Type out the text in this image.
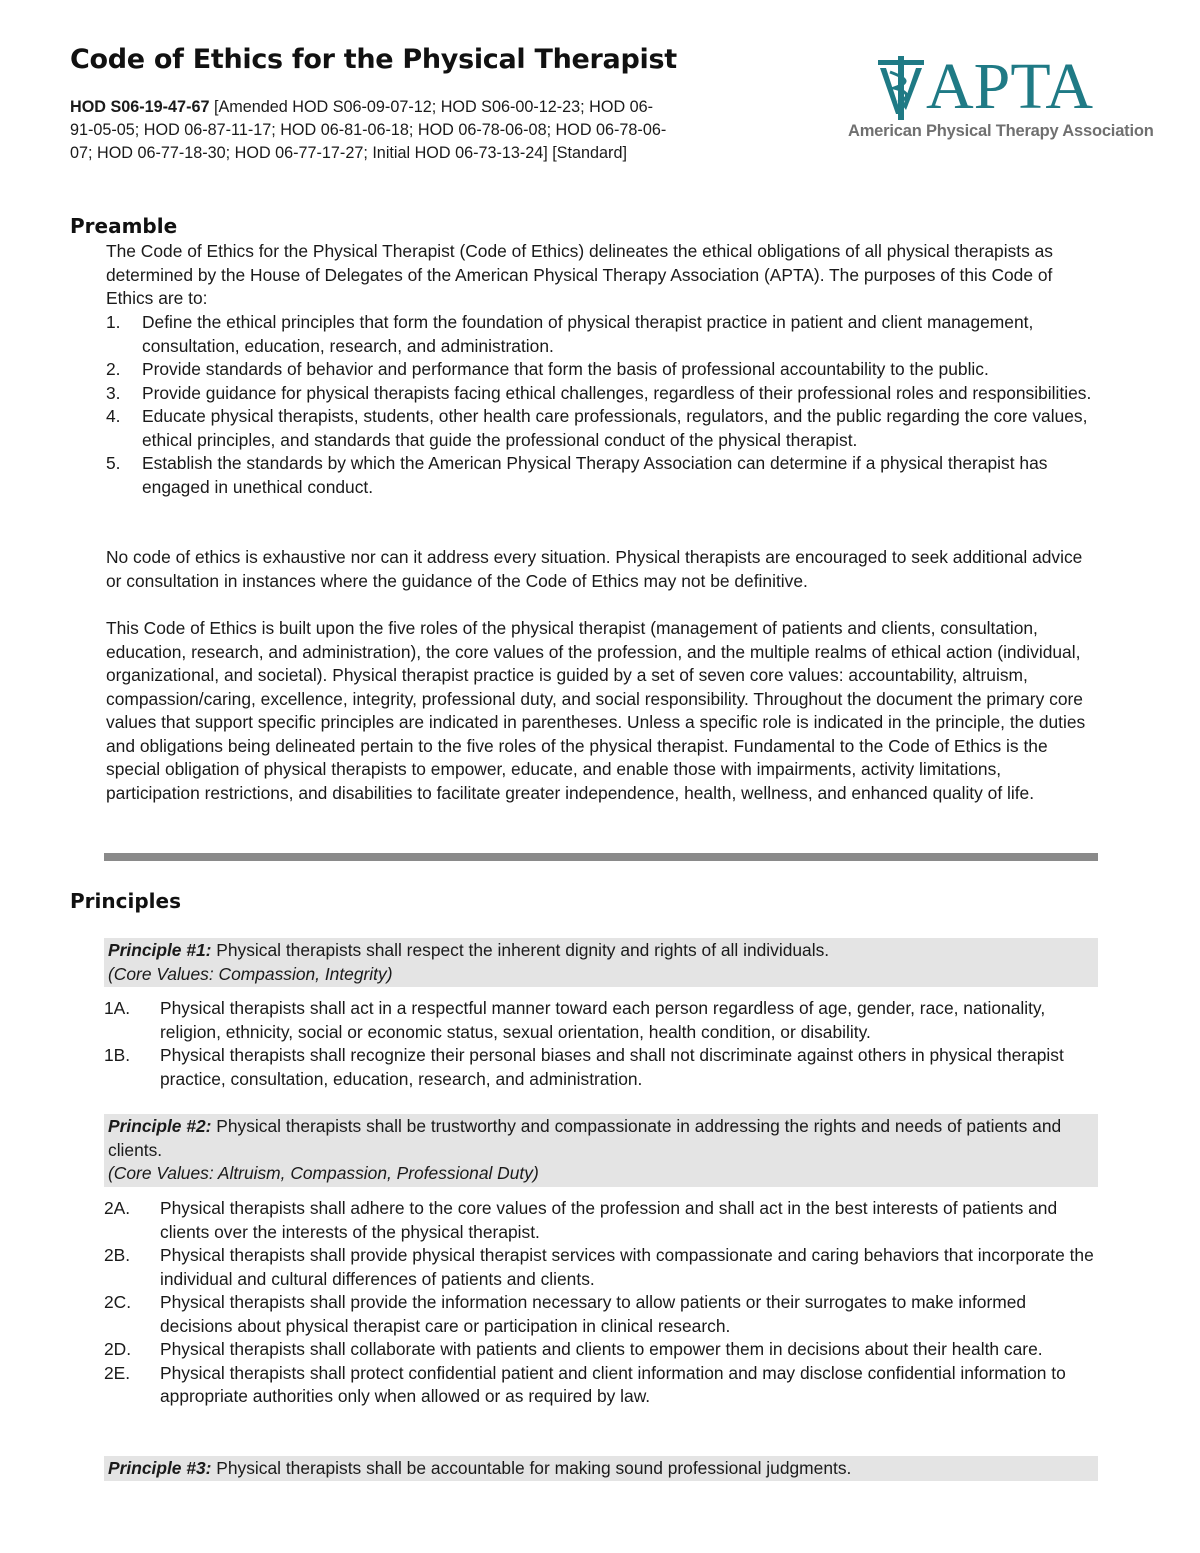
Code of Ethics for the Physical Therapist

HOD S06-19-47-67 [Amended HOD S06-09-07-12; HOD S06-00-12-23; HOD 06-91-05-05; HOD 06-87-11-17; HOD 06-81-06-18; HOD 06-78-06-08; HOD 06-78-06-07; HOD 06-77-18-30; HOD 06-77-17-27; Initial HOD 06-73-13-24] [Standard]

APTA
American Physical Therapy Association
Preamble

The Code of Ethics for the Physical Therapist (Code of Ethics) delineates the ethical obligations of all physical therapists as determined by the House of Delegates of the American Physical Therapy Association (APTA). The purposes of this Code of Ethics are to:

1.	Define the ethical principles that form the foundation of physical therapist practice in patient and client management, consultation, education, research, and administration.
2.	Provide standards of behavior and performance that form the basis of professional accountability to the public.
3.	Provide guidance for physical therapists facing ethical challenges, regardless of their professional roles and responsibilities.
4.	Educate physical therapists, students, other health care professionals, regulators, and the public regarding the core values, ethical principles, and standards that guide the professional conduct of the physical therapist.
5.	Establish the standards by which the American Physical Therapy Association can determine if a physical therapist has engaged in unethical conduct.

No code of ethics is exhaustive nor can it address every situation. Physical therapists are encouraged to seek additional advice or consultation in instances where the guidance of the Code of Ethics may not be definitive.

This Code of Ethics is built upon the five roles of the physical therapist (management of patients and clients, consultation, education, research, and administration), the core values of the profession, and the multiple realms of ethical action (individual, organizational, and societal). Physical therapist practice is guided by a set of seven core values: accountability, altruism, compassion/caring, excellence, integrity, professional duty, and social responsibility. Throughout the document the primary core values that support specific principles are indicated in parentheses. Unless a specific role is indicated in the principle, the duties and obligations being delineated pertain to the five roles of the physical therapist. Fundamental to the Code of Ethics is the special obligation of physical therapists to empower, educate, and enable those with impairments, activity limitations, participation restrictions, and disabilities to facilitate greater independence, health, wellness, and enhanced quality of life.

Principles
Principle #1: Physical therapists shall respect the inherent dignity and rights of all individuals.
(Core Values: Compassion, Integrity)
1A.	Physical therapists shall act in a respectful manner toward each person regardless of age, gender, race, nationality, religion, ethnicity, social or economic status, sexual orientation, health condition, or disability.
1B.	Physical therapists shall recognize their personal biases and shall not discriminate against others in physical therapist practice, consultation, education, research, and administration.
Principle #2: Physical therapists shall be trustworthy and compassionate in addressing the rights and needs of patients and clients.
(Core Values: Altruism, Compassion, Professional Duty)
2A.	Physical therapists shall adhere to the core values of the profession and shall act in the best interests of patients and clients over the interests of the physical therapist.
2B.	Physical therapists shall provide physical therapist services with compassionate and caring behaviors that incorporate the individual and cultural differences of patients and clients.
2C.	Physical therapists shall provide the information necessary to allow patients or their surrogates to make informed decisions about physical therapist care or participation in clinical research.
2D.	Physical therapists shall collaborate with patients and clients to empower them in decisions about their health care.
2E.	Physical therapists shall protect confidential patient and client information and may disclose confidential information to appropriate authorities only when allowed or as required by law.
Principle #3: Physical therapists shall be accountable for making sound professional judgments.
